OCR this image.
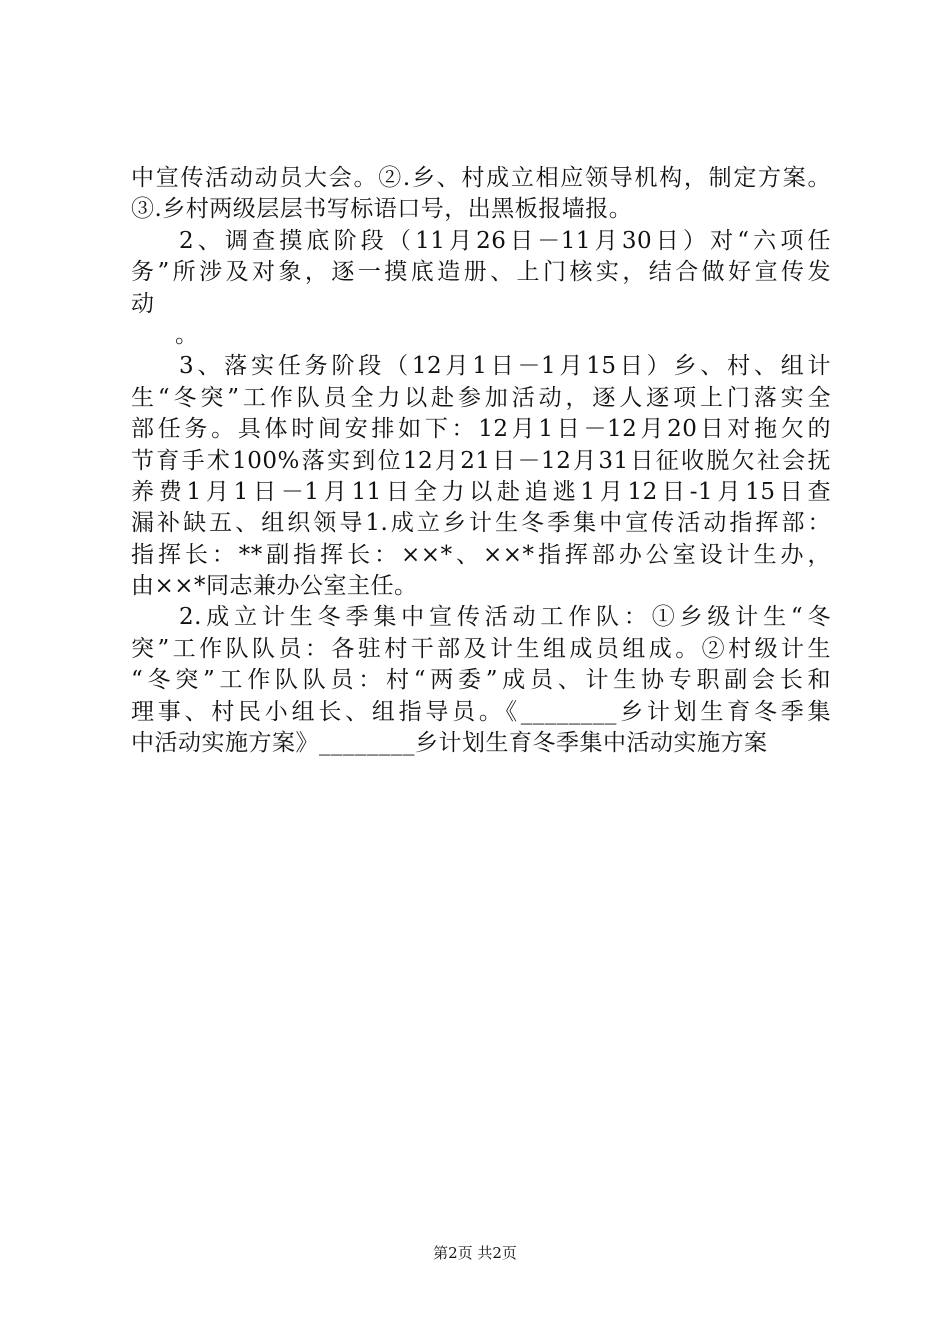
中宣传活动动员大会。②.乡、村成立相应领导机构，制定方案。
③.乡村两级层层书写标语口号，出黑板报墙报。
2、调查摸底阶段（11月26日－11月30日）对“六项任
务”所涉及对象，逐一摸底造册、上门核实，结合做好宣传发
动
。
3、落实任务阶段（12月1日－1月15日）乡、村、组计
生“冬突”工作队员全力以赴参加活动，逐人逐项上门落实全
部任务。具体时间安排如下：12月1日－12月20日对拖欠的
节育手术100%落实到位12月21日－12月31日征收脱欠社会抚
养费1月1日－1月11日全力以赴追逃1月12日-1月15日查
漏补缺五、组织领导1.成立乡计生冬季集中宣传活动指挥部：
指挥长：**副指挥长：××*、××*指挥部办公室设计生办，
由××*同志兼办公室主任。
2.成立计生冬季集中宣传活动工作队：①乡级计生“冬
突”工作队队员：各驻村干部及计生组成员组成。②村级计生
“冬突”工作队队员：村“两委”成员、计生协专职副会长和
理事、村民小组长、组指导员。《________乡计划生育冬季集
中活动实施方案》________乡计划生育冬季集中活动实施方案
第2页 共2页
